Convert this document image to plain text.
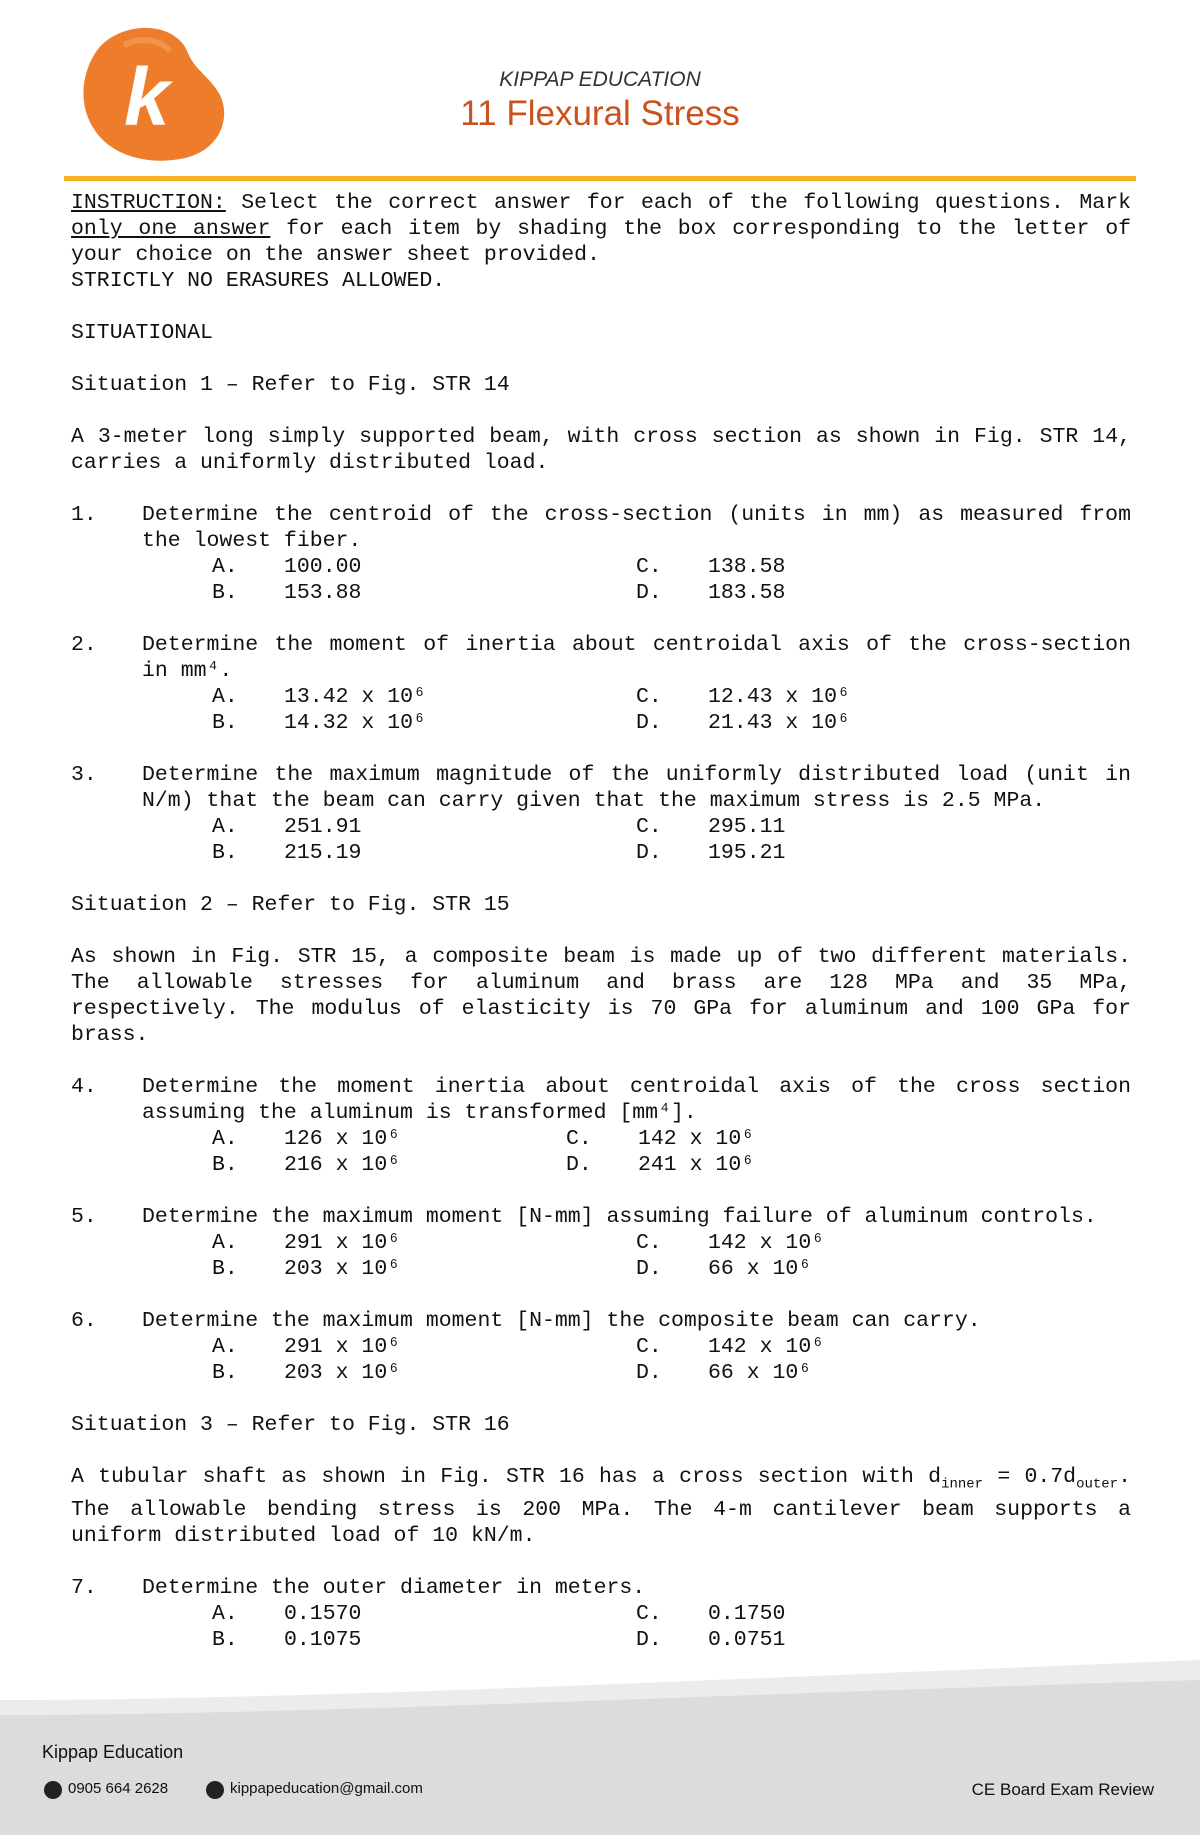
k	KIPPAP EDUCATION
11 Flexural Stress

INSTRUCTION: Select the correct answer for each of the following questions. Mark only one answer for each item by shading the box corresponding to the letter of your choice on the answer sheet provided.

STRICTLY NO ERASURES ALLOWED.

SITUATIONAL

Situation 1 – Refer to Fig. STR 14

A 3-meter long simply supported beam, with cross section as shown in Fig. STR 14, carries a uniformly distributed load.

1.	Determine the centroid of the cross-section (units in mm) as measured from the lowest fiber.
A.	100.00	C.	138.58
B.	153.88	D.	183.58
2.	Determine the moment of inertia about centroidal axis of the cross-section in mm⁴.
A.	13.42 x 10⁶	C.	12.43 x 10⁶
B.	14.32 x 10⁶	D.	21.43 x 10⁶
3.	Determine the maximum magnitude of the uniformly distributed load (unit in N/m) that the beam can carry given that the maximum stress is 2.5 MPa.
A.	251.91	C.	295.11
B.	215.19	D.	195.21

Situation 2 – Refer to Fig. STR 15

As shown in Fig. STR 15, a composite beam is made up of two different materials. The allowable stresses for aluminum and brass are 128 MPa and 35 MPa, respectively. The modulus of elasticity is 70 GPa for aluminum and 100 GPa for brass.

4.	Determine the moment inertia about centroidal axis of the cross section assuming the aluminum is transformed [mm⁴].
A.	126 x 10⁶	C.	142 x 10⁶
B.	216 x 10⁶	D.	241 x 10⁶
5.	Determine the maximum moment [N-mm] assuming failure of aluminum controls.
A.	291 x 10⁶	C.	142 x 10⁶
B.	203 x 10⁶	D.	66 x 10⁶
6.	Determine the maximum moment [N-mm] the composite beam can carry.
A.	291 x 10⁶	C.	142 x 10⁶
B.	203 x 10⁶	D.	66 x 10⁶

Situation 3 – Refer to Fig. STR 16

A tubular shaft as shown in Fig. STR 16 has a cross section with $d_{inner} = 0.7d_{outer}$. The allowable bending stress is 200 MPa. The 4-m cantilever beam supports a uniform distributed load of 10 kN/m.

7.	Determine the outer diameter in meters.
A.	0.1570	C.	0.1750
B.	0.1075	D.	0.0751
Kippap Education
0905 664 2628	kippapeducation@gmail.com	CE Board Exam Review
